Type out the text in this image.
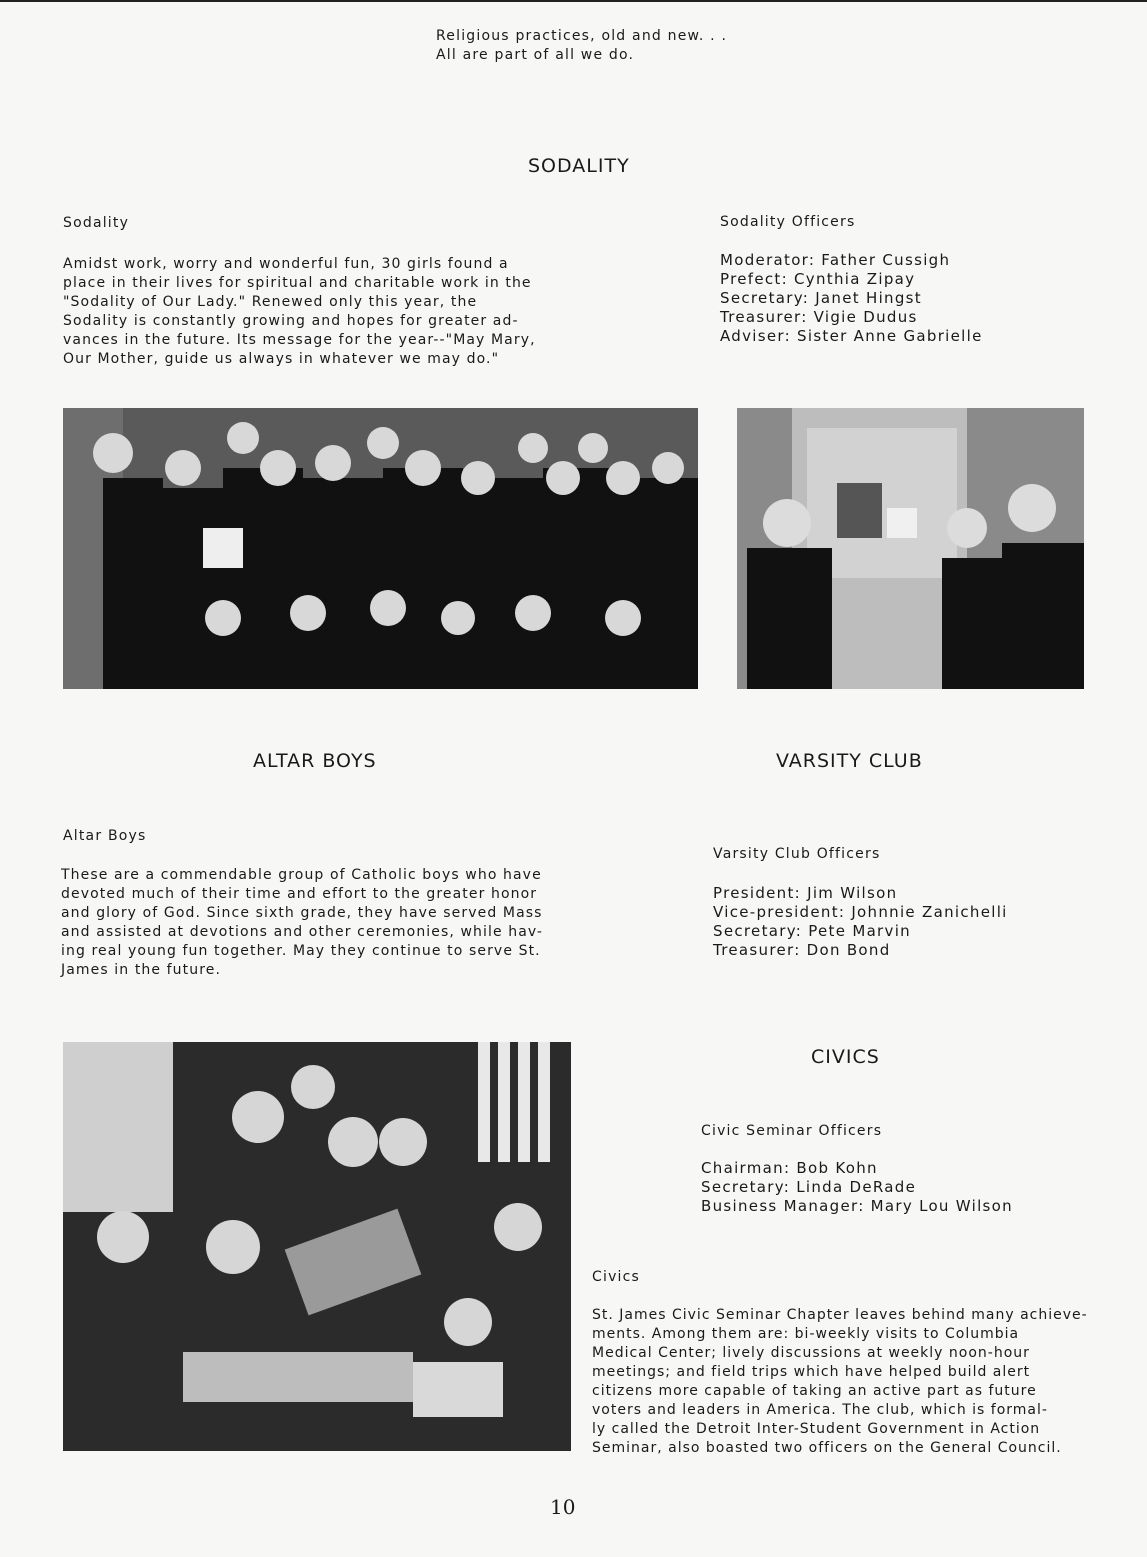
Religious practices, old and new. . .
All are part of all we do.
SODALITY
Sodality
Amidst work, worry and wonderful fun, 30 girls found a
place in their lives for spiritual and charitable work in the
"Sodality of Our Lady." Renewed only this year, the
Sodality is constantly growing and hopes for greater ad-
vances in the future. Its message for the year--"May Mary,
Our Mother, guide us always in whatever we may do."
Sodality Officers
Moderator: Father Cussigh
Prefect: Cynthia Zipay
Secretary: Janet Hingst
Treasurer: Vigie Dudus
Adviser: Sister Anne Gabrielle
ALTAR BOYS
Altar Boys
These are a commendable group of Catholic boys who have
devoted much of their time and effort to the greater honor
and glory of God. Since sixth grade, they have served Mass
and assisted at devotions and other ceremonies, while hav-
ing real young fun together. May they continue to serve St.
James in the future.
VARSITY CLUB
Varsity Club Officers
President: Jim Wilson
Vice-president: Johnnie Zanichelli
Secretary: Pete Marvin
Treasurer: Don Bond
CIVICS
Civic Seminar Officers
Chairman: Bob Kohn
Secretary: Linda DeRade
Business Manager: Mary Lou Wilson
Civics
St. James Civic Seminar Chapter leaves behind many achieve-
ments. Among them are: bi-weekly visits to Columbia
Medical Center; lively discussions at weekly noon-hour
meetings; and field trips which have helped build alert
citizens more capable of taking an active part as future
voters and leaders in America. The club, which is formal-
ly called the Detroit Inter-Student Government in Action
Seminar, also boasted two officers on the General Council.
10
